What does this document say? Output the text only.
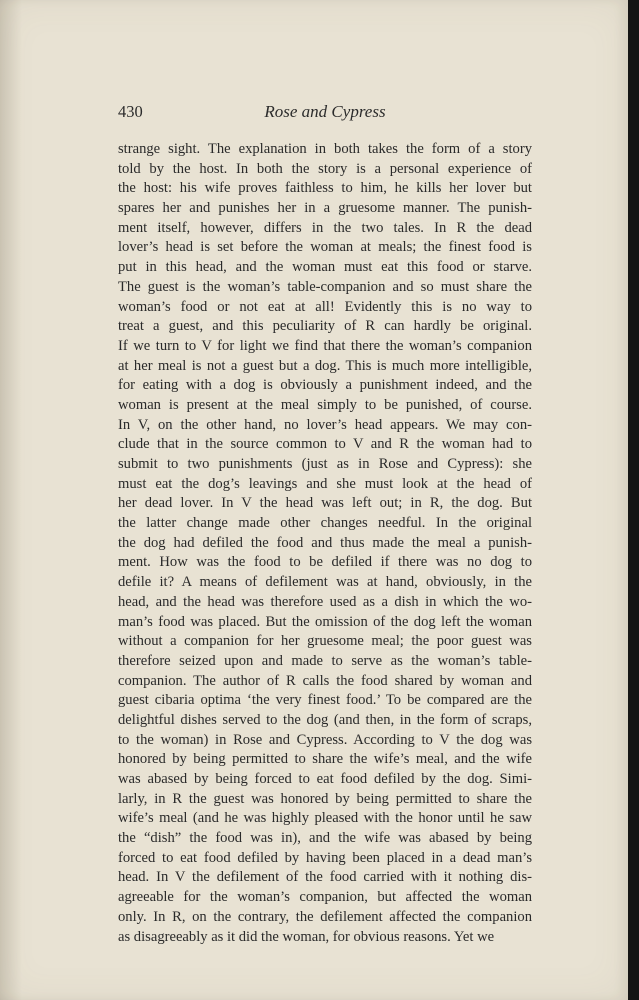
430	Rose and Cypress
strange sight. The explanation in both takes the form of a story
told by the host. In both the story is a personal experience of
the host: his wife proves faithless to him, he kills her lover but
spares her and punishes her in a gruesome manner. The punish-
ment itself, however, differs in the two tales. In R the dead
lover’s head is set before the woman at meals; the finest food is
put in this head, and the woman must eat this food or starve.
The guest is the woman’s table-companion and so must share the
woman’s food or not eat at all! Evidently this is no way to
treat a guest, and this peculiarity of R can hardly be original.
If we turn to V for light we find that there the woman’s companion
at her meal is not a guest but a dog. This is much more intelligible,
for eating with a dog is obviously a punishment indeed, and the
woman is present at the meal simply to be punished, of course.
In V, on the other hand, no lover’s head appears. We may con-
clude that in the source common to V and R the woman had to
submit to two punishments (just as in Rose and Cypress): she
must eat the dog’s leavings and she must look at the head of
her dead lover. In V the head was left out; in R, the dog. But
the latter change made other changes needful. In the original
the dog had defiled the food and thus made the meal a punish-
ment. How was the food to be defiled if there was no dog to
defile it? A means of defilement was at hand, obviously, in the
head, and the head was therefore used as a dish in which the wo-
man’s food was placed. But the omission of the dog left the woman
without a companion for her gruesome meal; the poor guest was
therefore seized upon and made to serve as the woman’s table-
companion. The author of R calls the food shared by woman and
guest cibaria optima ‘the very finest food.’ To be compared are the
delightful dishes served to the dog (and then, in the form of scraps,
to the woman) in Rose and Cypress. According to V the dog was
honored by being permitted to share the wife’s meal, and the wife
was abased by being forced to eat food defiled by the dog. Simi-
larly, in R the guest was honored by being permitted to share the
wife’s meal (and he was highly pleased with the honor until he saw
the “dish” the food was in), and the wife was abased by being
forced to eat food defiled by having been placed in a dead man’s
head. In V the defilement of the food carried with it nothing dis-
agreeable for the woman’s companion, but affected the woman
only. In R, on the contrary, the defilement affected the companion
as disagreeably as it did the woman, for obvious reasons. Yet we
